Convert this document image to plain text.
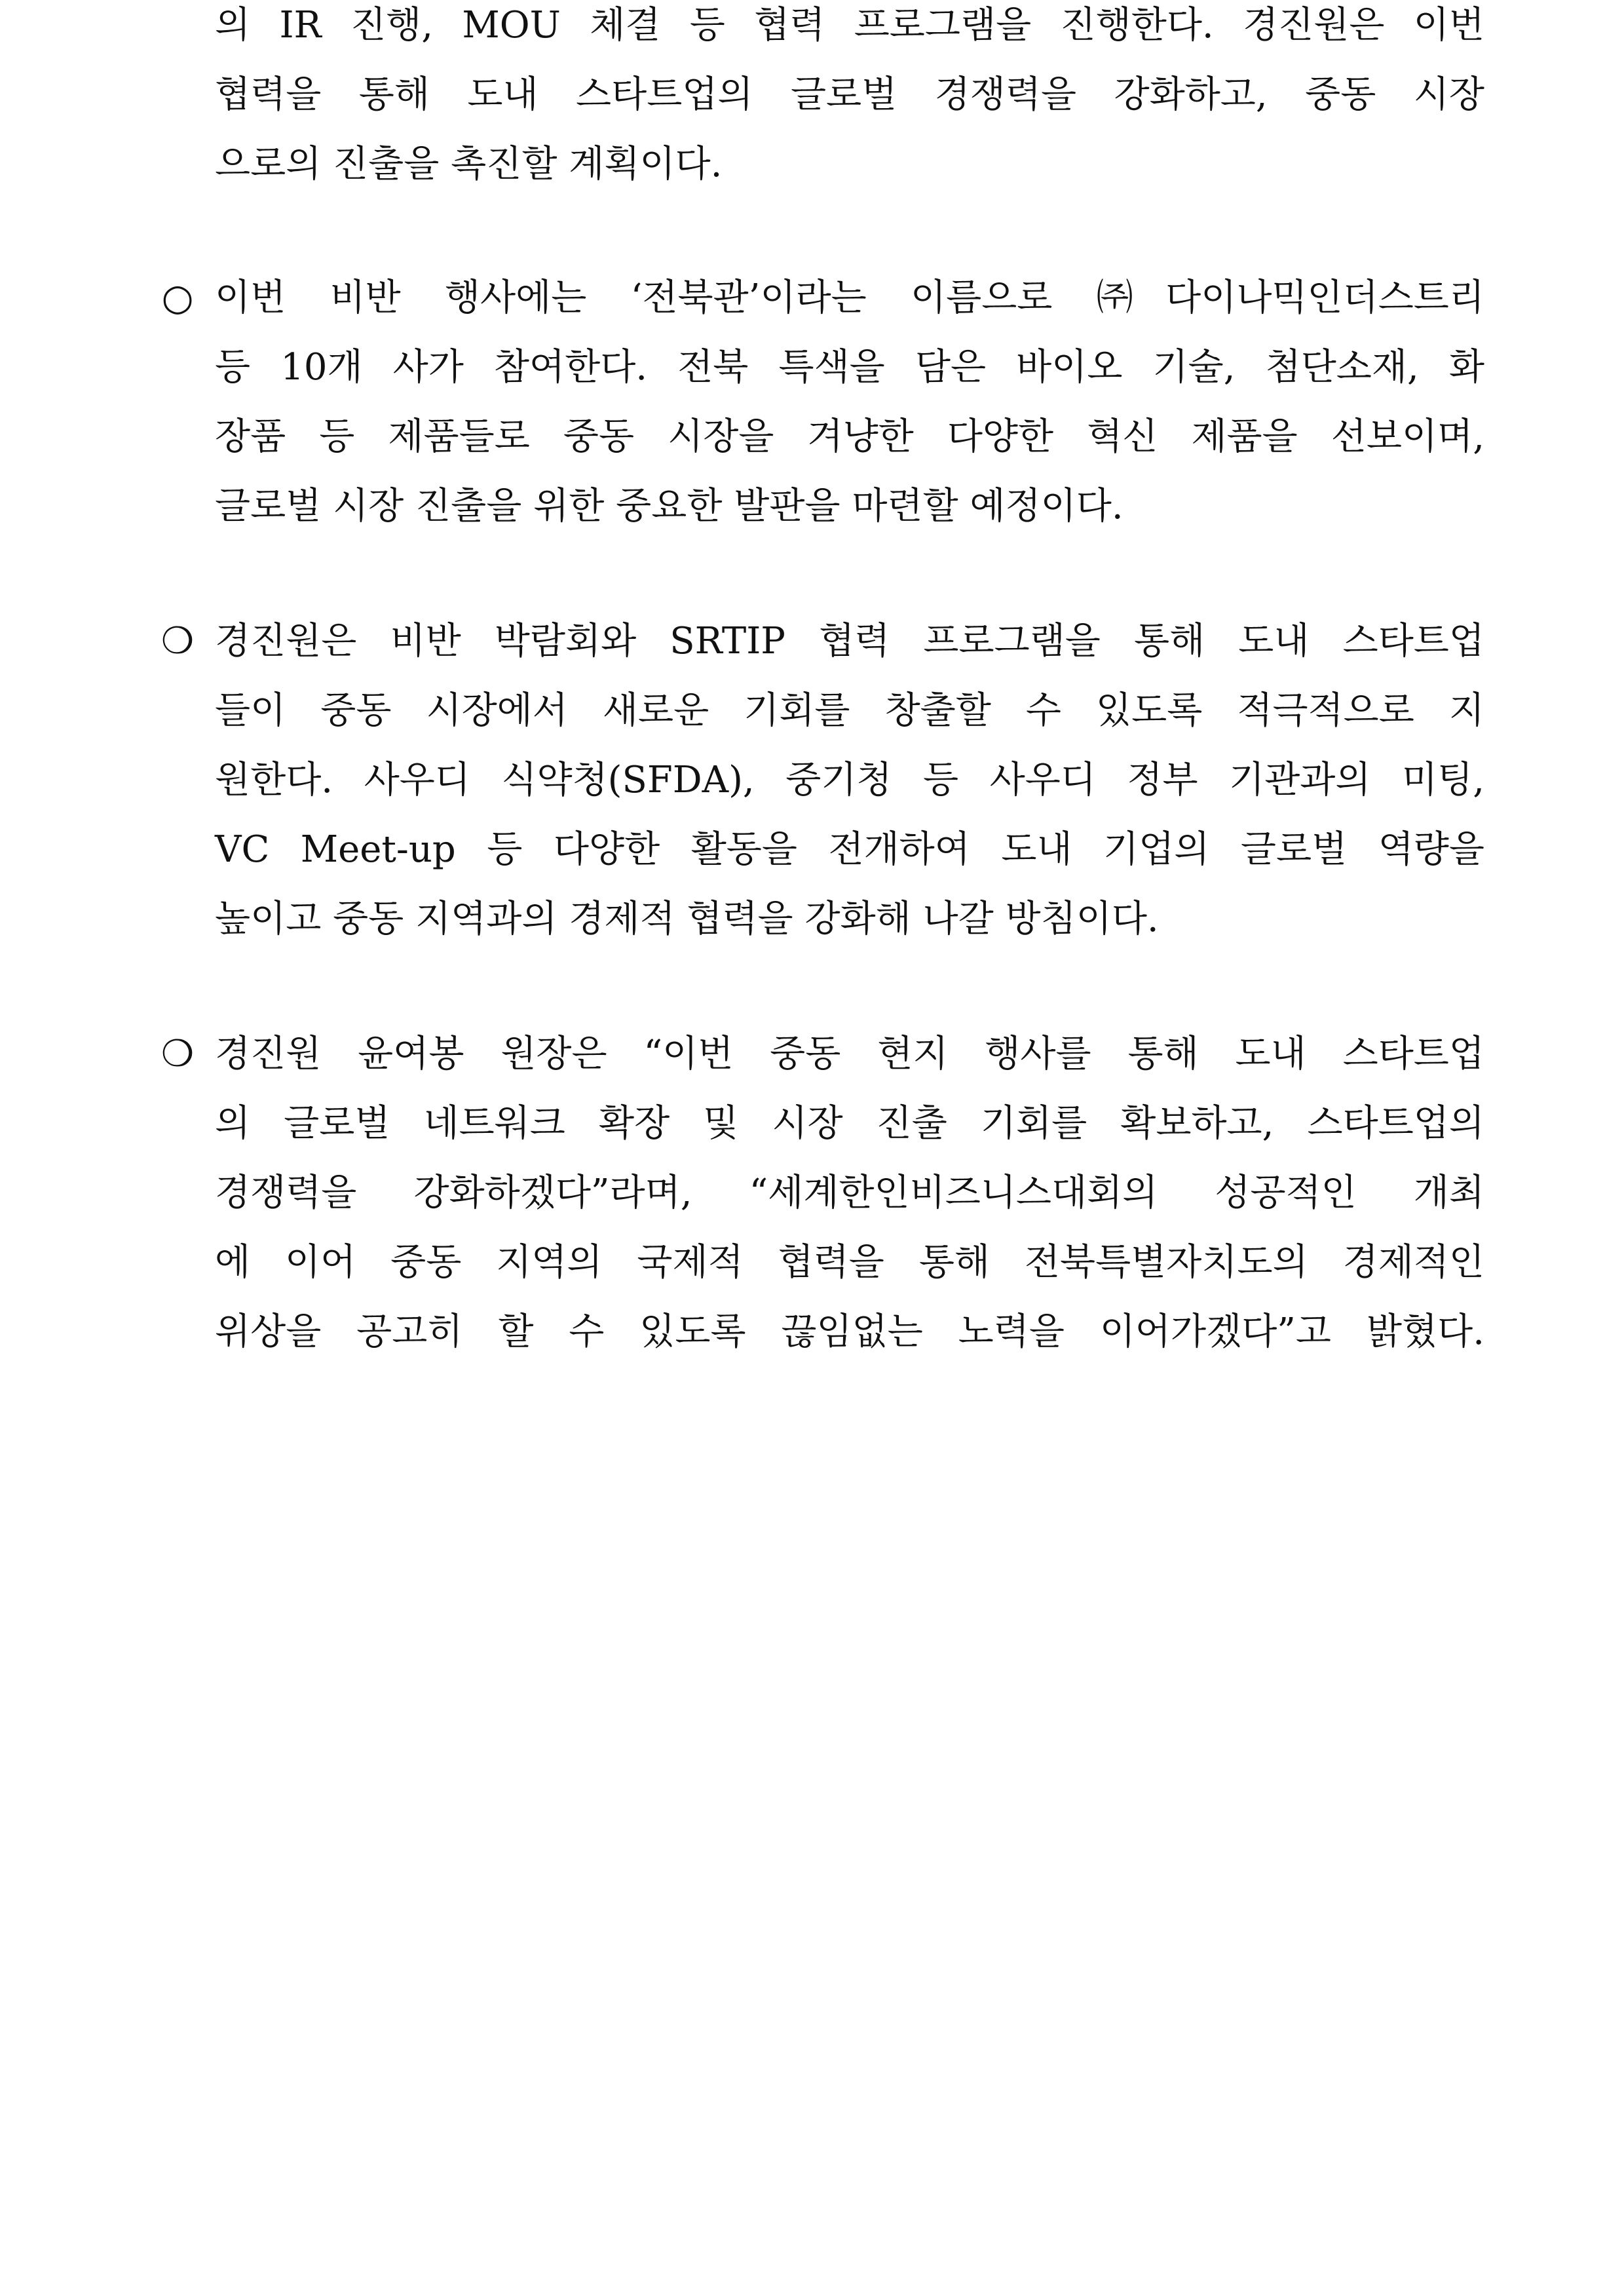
의 IR 진행, MOU 체결 등 협력 프로그램을 진행한다. 경진원은 이번
협력을 통해 도내 스타트업의 글로벌 경쟁력을 강화하고, 중동 시장
으로의 진출을 촉진할 계획이다.
○ 이번 비반 행사에는 ‘전북관’이라는 이름으로 ㈜다이나믹인더스트리
등 10개 사가 참여한다. 전북 특색을 담은 바이오 기술, 첨단소재, 화
장품 등 제품들로 중동 시장을 겨냥한 다양한 혁신 제품을 선보이며,
글로벌 시장 진출을 위한 중요한 발판을 마련할 예정이다.
❍ 경진원은 비반 박람회와 SRTIP 협력 프로그램을 통해 도내 스타트업
들이 중동 시장에서 새로운 기회를 창출할 수 있도록 적극적으로 지
원한다. 사우디 식약청(SFDA), 중기청 등 사우디 정부 기관과의 미팅,
VC Meet-up 등 다양한 활동을 전개하여 도내 기업의 글로벌 역량을
높이고 중동 지역과의 경제적 협력을 강화해 나갈 방침이다.
❍ 경진원 윤여봉 원장은 “이번 중동 현지 행사를 통해 도내 스타트업
의 글로벌 네트워크 확장 및 시장 진출 기회를 확보하고, 스타트업의
경쟁력을 강화하겠다”라며, “세계한인비즈니스대회의 성공적인 개최
에 이어 중동 지역의 국제적 협력을 통해 전북특별자치도의 경제적인
위상을 공고히 할 수 있도록 끊임없는 노력을 이어가겠다”고 밝혔다.
